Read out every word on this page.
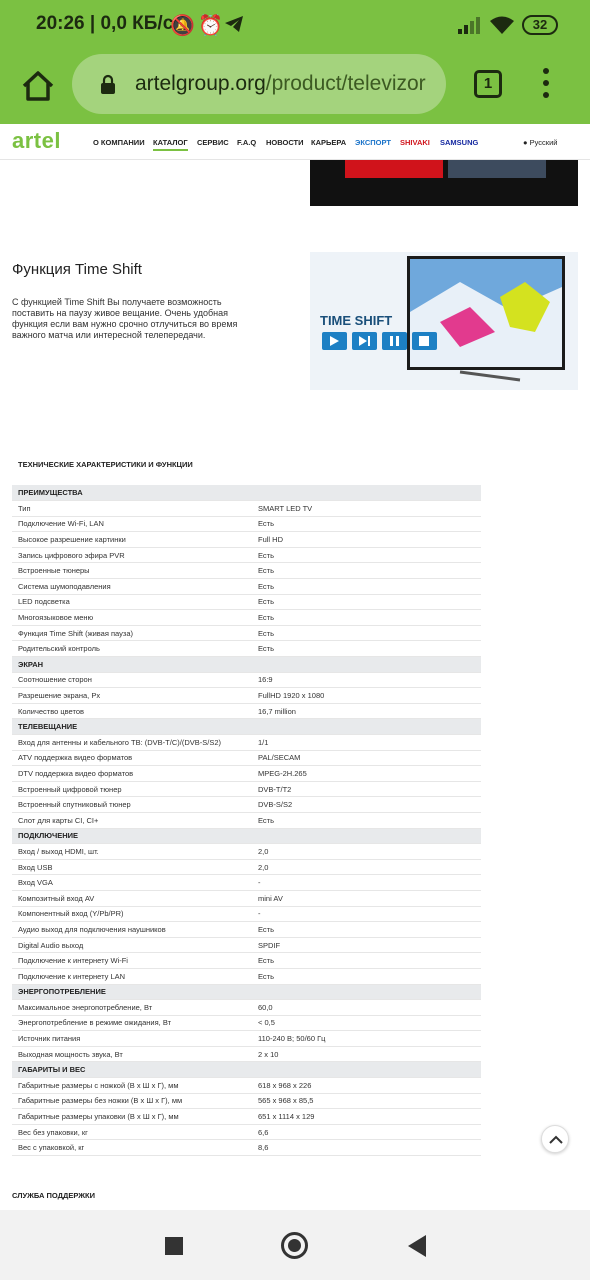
20:26 | 0,0 КБ/с
🔕 ⏰	32
artelgroup.org/product/televizor	1
artel	О КОМПАНИИ КАТАЛОГ СЕРВИС F.A.Q НОВОСТИ КАРЬЕРА ЭКСПОРТ SHIVAKI SAMSUNG	● Русский
Функция Time Shift
С функцией Time Shift Вы получаете возможность поставить на паузу живое вещание. Очень удобная функция если вам нужно срочно отлучиться во время важного матча или интересной телепередачи.
TIME SHIFT
ТЕХНИЧЕСКИЕ ХАРАКТЕРИСТИКИ И ФУНКЦИИ
ПРЕИМУЩЕСТВА	
Тип	SMART LED TV
Подключение Wi-Fi, LAN	Есть
Высокое разрешение картинки	Full HD
Запись цифрового эфира PVR	Есть
Встроенные тюнеры	Есть
Система шумоподавления	Есть
LED подсветка	Есть
Многоязыковое меню	Есть
Функция Time Shift (живая пауза)	Есть
Родительский контроль	Есть
ЭКРАН	
Соотношение сторон	16:9
Разрешение экрана, Px	FullHD 1920 x 1080
Количество цветов	16,7 million
ТЕЛЕВЕЩАНИЕ	
Вход для антенны и кабельного ТВ: (DVB-T/C)/(DVB-S/S2)	1/1
ATV поддержка видео форматов	PAL/SECAM
DTV поддержка видео форматов	MPEG-2H.265
Встроенный цифровой тюнер	DVB-T/T2
Встроенный спутниковый тюнер	DVB-S/S2
Слот для карты CI, CI+	Есть
ПОДКЛЮЧЕНИЕ	
Вход / выход HDMI, шт.	2,0
Вход USB	2,0
Вход VGA	-
Композитный вход AV	mini AV
Компонентный вход (Y/Pb/PR)	-
Аудио выход для подключения наушников	Есть
Digital Audio выход	SPDIF
Подключение к интернету Wi-Fi	Есть
Подключение к интернету LAN	Есть
ЭНЕРГОПОТРЕБЛЕНИЕ	
Максимальное энергопотребление, Вт	60,0
Энергопотребление в режиме ожидания, Вт	< 0,5
Источник питания	110-240 В; 50/60 Гц
Выходная мощность звука, Вт	2 x 10
ГАБАРИТЫ И ВЕС	
Габаритные размеры с ножкой (В x Ш x Г), мм	618 x 968 x 226
Габаритные размеры без ножки (В x Ш x Г), мм	565 x 968 x 85,5
Габаритные размеры упаковки (В x Ш x Г), мм	651 x 1114 x 129
Вес без упаковки, кг	6,6
Вес с упаковкой, кг	8,6
СЛУЖБА ПОДДЕРЖКИ
